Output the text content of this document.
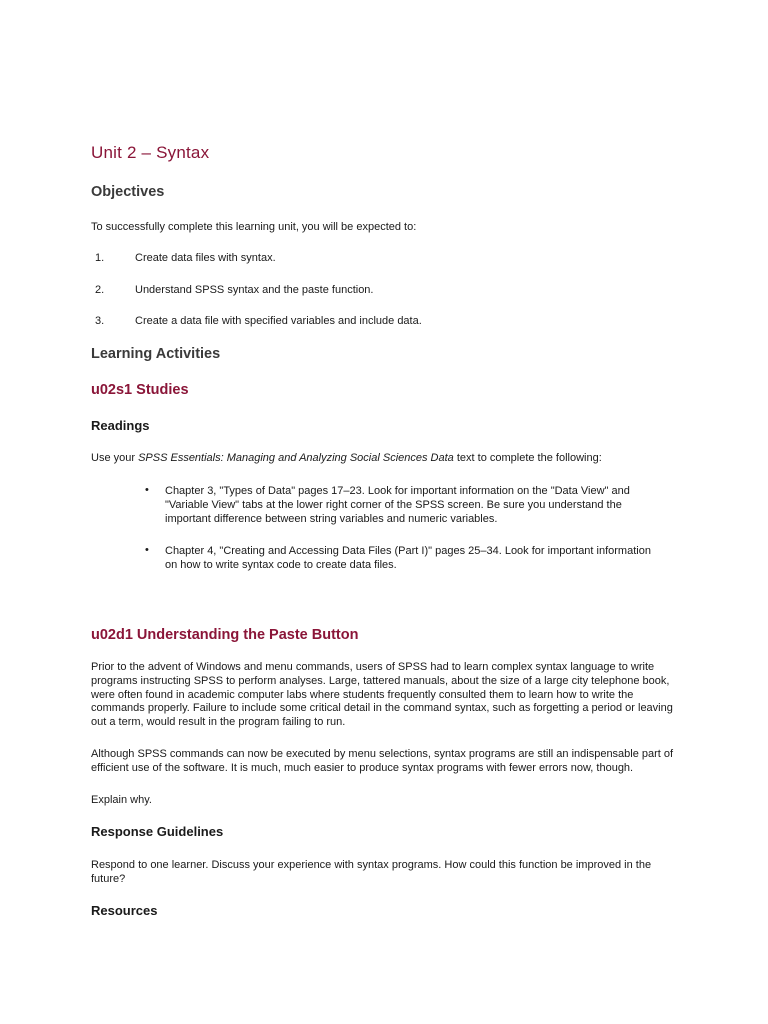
Unit 2 – Syntax
Objectives

To successfully complete this learning unit, you will be expected to:

1.	Create data files with syntax.
2.	Understand SPSS syntax and the paste function.
3.	Create a data file with specified variables and include data.
Learning Activities
u02s1 Studies
Readings

Use your SPSS Essentials: Managing and Analyzing Social Sciences Data text to complete the following:

• Chapter 3, "Types of Data" pages 17–23. Look for important information on the "Data View" and "Variable View" tabs at the lower right corner of the SPSS screen. Be sure you understand the important difference between string variables and numeric variables.

• Chapter 4, "Creating and Accessing Data Files (Part I)" pages 25–34. Look for important information on how to write syntax code to create data files.

u02d1 Understanding the Paste Button

Prior to the advent of Windows and menu commands, users of SPSS had to learn complex syntax language to write programs instructing SPSS to perform analyses. Large, tattered manuals, about the size of a large city telephone book, were often found in academic computer labs where students frequently consulted them to learn how to write the commands properly. Failure to include some critical detail in the command syntax, such as forgetting a period or leaving out a term, would result in the program failing to run.

Although SPSS commands can now be executed by menu selections, syntax programs are still an indispensable part of efficient use of the software. It is much, much easier to produce syntax programs with fewer errors now, though.

Explain why.

Response Guidelines

Respond to one learner. Discuss your experience with syntax programs. How could this function be improved in the future?

Resources
